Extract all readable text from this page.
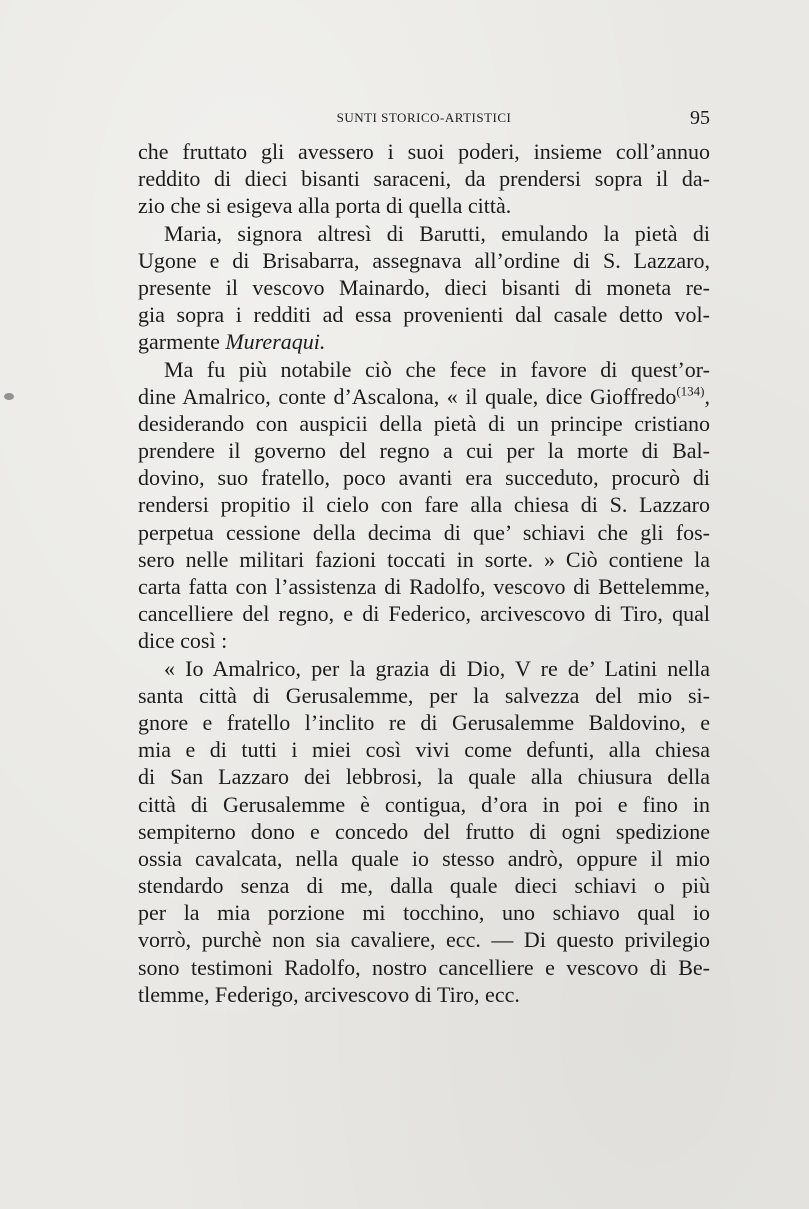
SUNTI STORICO-ARTISTICI	95
che fruttato gli avessero i suoi poderi, insieme coll’annuo
reddito di dieci bisanti saraceni, da prendersi sopra il da-
zio che si esigeva alla porta di quella città.
Maria, signora altresì di Barutti, emulando la pietà di
Ugone e di Brisabarra, assegnava all’ordine di S. Lazzaro,
presente il vescovo Mainardo, dieci bisanti di moneta re-
gia sopra i redditi ad essa provenienti dal casale detto vol-
garmente Mureraqui.
Ma fu più notabile ciò che fece in favore di quest’or-
dine Amalrico, conte d’Ascalona, « il quale, dice Gioffredo$^{(134)}$,
desiderando con auspicii della pietà di un principe cristiano
prendere il governo del regno a cui per la morte di Bal-
dovino, suo fratello, poco avanti era succeduto, procurò di
rendersi propitio il cielo con fare alla chiesa di S. Lazzaro
perpetua cessione della decima di que’ schiavi che gli fos-
sero nelle militari fazioni toccati in sorte. » Ciò contiene la
carta fatta con l’assistenza di Radolfo, vescovo di Bettelemme,
cancelliere del regno, e di Federico, arcivescovo di Tiro, qual
dice così :
« Io Amalrico, per la grazia di Dio, V re de’ Latini nella
santa città di Gerusalemme, per la salvezza del mio si-
gnore e fratello l’inclito re di Gerusalemme Baldovino, e
mia e di tutti i miei così vivi come defunti, alla chiesa
di San Lazzaro dei lebbrosi, la quale alla chiusura della
città di Gerusalemme è contigua, d’ora in poi e fino in
sempiterno dono e concedo del frutto di ogni spedizione
ossia cavalcata, nella quale io stesso andrò, oppure il mio
stendardo senza di me, dalla quale dieci schiavi o più
per la mia porzione mi tocchino, uno schiavo qual io
vorrò, purchè non sia cavaliere, ecc. — Di questo privilegio
sono testimoni Radolfo, nostro cancelliere e vescovo di Be-
tlemme, Federigo, arcivescovo di Tiro, ecc.
